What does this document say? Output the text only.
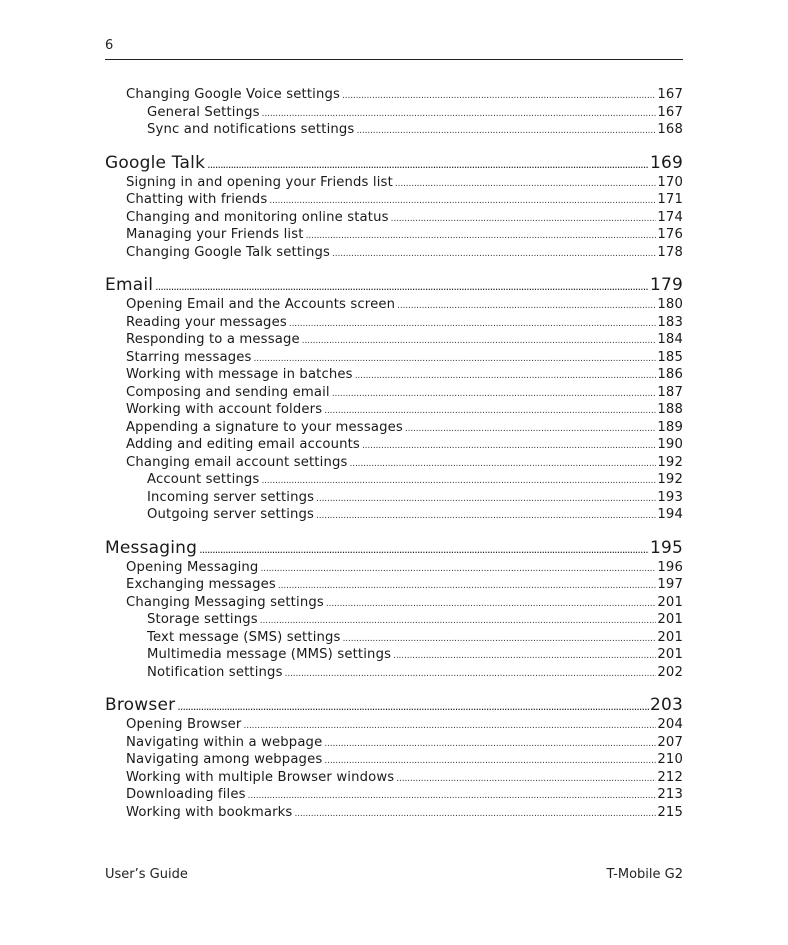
6
Changing Google Voice settings . . .	167
General Settings . . .	167
Sync and notifications settings . . .	168
Google Talk . . .	169
Signing in and opening your Friends list . . .	170
Chatting with friends . . .	171
Changing and monitoring online status . . .	174
Managing your Friends list . . .	176
Changing Google Talk settings . . .	178
Email . . .	179
Opening Email and the Accounts screen . . .	180
Reading your messages . . .	183
Responding to a message . . .	184
Starring messages . . .	185
Working with message in batches . . .	186
Composing and sending email . . .	187
Working with account folders . . .	188
Appending a signature to your messages . . .	189
Adding and editing email accounts . . .	190
Changing email account settings . . .	192
Account settings . . .	192
Incoming server settings . . .	193
Outgoing server settings . . .	194
Messaging . . .	195
Opening Messaging . . .	196
Exchanging messages . . .	197
Changing Messaging settings . . .	201
Storage settings . . .	201
Text message (SMS) settings . . .	201
Multimedia message (MMS) settings . . .	201
Notification settings . . .	202
Browser . . .	203
Opening Browser . . .	204
Navigating within a webpage . . .	207
Navigating among webpages . . .	210
Working with multiple Browser windows . . .	212
Downloading files . . .	213
Working with bookmarks . . .	215
User’s Guide	T-Mobile G2
